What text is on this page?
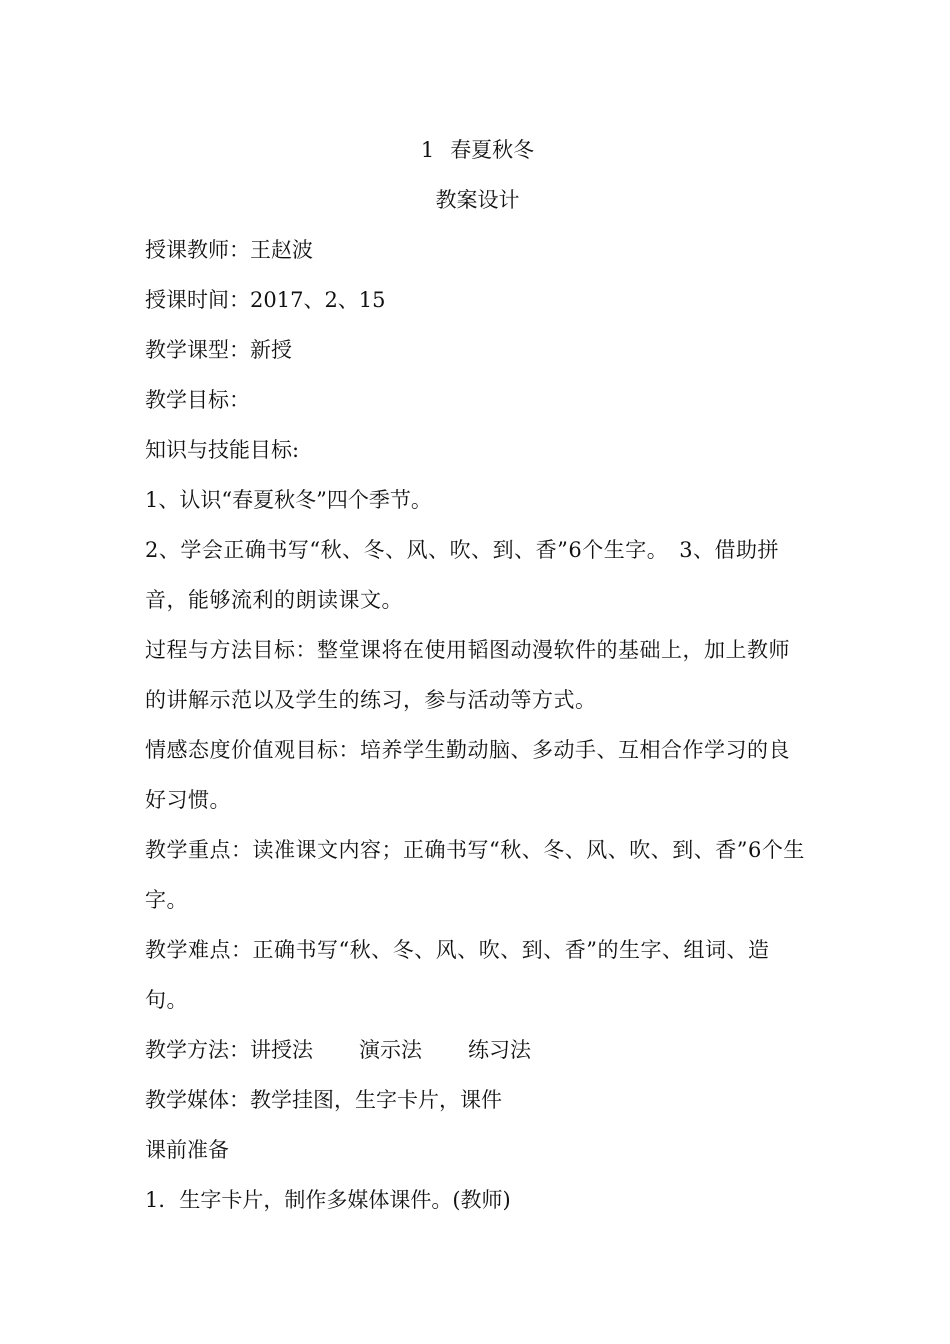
1 春夏秋冬
教案设计
授课教师：王赵波
授课时间：2017、2、15
教学课型：新授
教学目标：
知识与技能目标:
1、认识“春夏秋冬”四个季节。
2、学会正确书写“秋、冬、风、吹、到、香”6个生字。　3、借助拼音，能够流利的朗读课文。
过程与方法目标：整堂课将在使用韬图动漫软件的基础上，加上教师的讲解示范以及学生的练习，参与活动等方式。
情感态度价值观目标：培养学生勤动脑、多动手、互相合作学习的良好习惯。
教学重点：读准课文内容；正确书写“秋、冬、风、吹、到、香”6个生字。
教学难点：正确书写“秋、冬、风、吹、到、香”的生字、组词、造句。
教学方法：讲授法 演示法 练习法
教学媒体：教学挂图，生字卡片，课件
课前准备
1．生字卡片，制作多媒体课件。(教师)
